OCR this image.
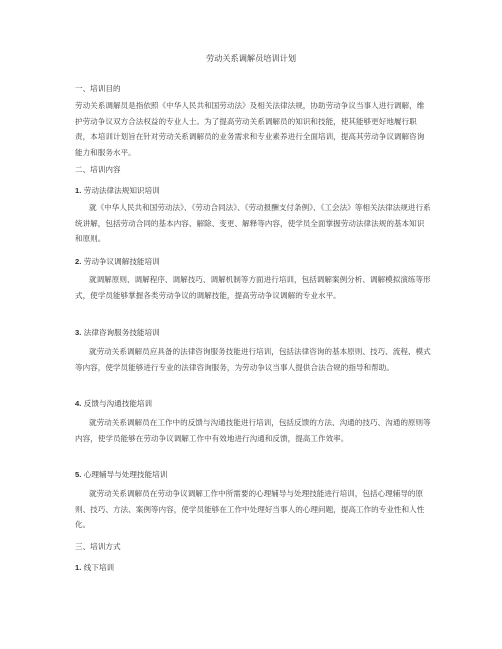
劳动关系调解员培训计划
一、培训目的

劳动关系调解员是指依照《中华人民共和国劳动法》及相关法律法规，协助劳动争议当事人进行调解，维护劳动争议双方合法权益的专业人士。为了提高劳动关系调解员的知识和技能，使其能够更好地履行职责，本培训计划旨在针对劳动关系调解员的业务需求和专业素养进行全面培训，提高其劳动争议调解咨询能力和服务水平。

二、培训内容
1. 劳动法律法规知识培训

就《中华人民共和国劳动法》、《劳动合同法》、《劳动报酬支付条例》、《工会法》等相关法律法规进行系统讲解，包括劳动合同的基本内容、解除、变更、解释等内容，使学员全面掌握劳动法律法规的基本知识和原则。

2. 劳动争议调解技能培训

就调解原则、调解程序、调解技巧、调解机制等方面进行培训，包括调解案例分析、调解模拟演练等形式，使学员能够掌握各类劳动争议的调解技能，提高劳动争议调解的专业水平。

3. 法律咨询服务技能培训

就劳动关系调解员应具备的法律咨询服务技能进行培训，包括法律咨询的基本原则、技巧、流程、模式等内容，使学员能够进行专业的法律咨询服务，为劳动争议当事人提供合法合规的指导和帮助。

4. 反馈与沟通技能培训

就劳动关系调解员在工作中的反馈与沟通技能进行培训，包括反馈的方法、沟通的技巧、沟通的原则等内容，使学员能够在劳动争议调解工作中有效地进行沟通和反馈，提高工作效率。

5. 心理辅导与处理技能培训

就劳动关系调解员在劳动争议调解工作中所需要的心理辅导与处理技能进行培训，包括心理辅导的原则、技巧、方法、案例等内容，使学员能够在工作中处理好当事人的心理问题，提高工作的专业性和人性化。

三、培训方式
1. 线下培训
